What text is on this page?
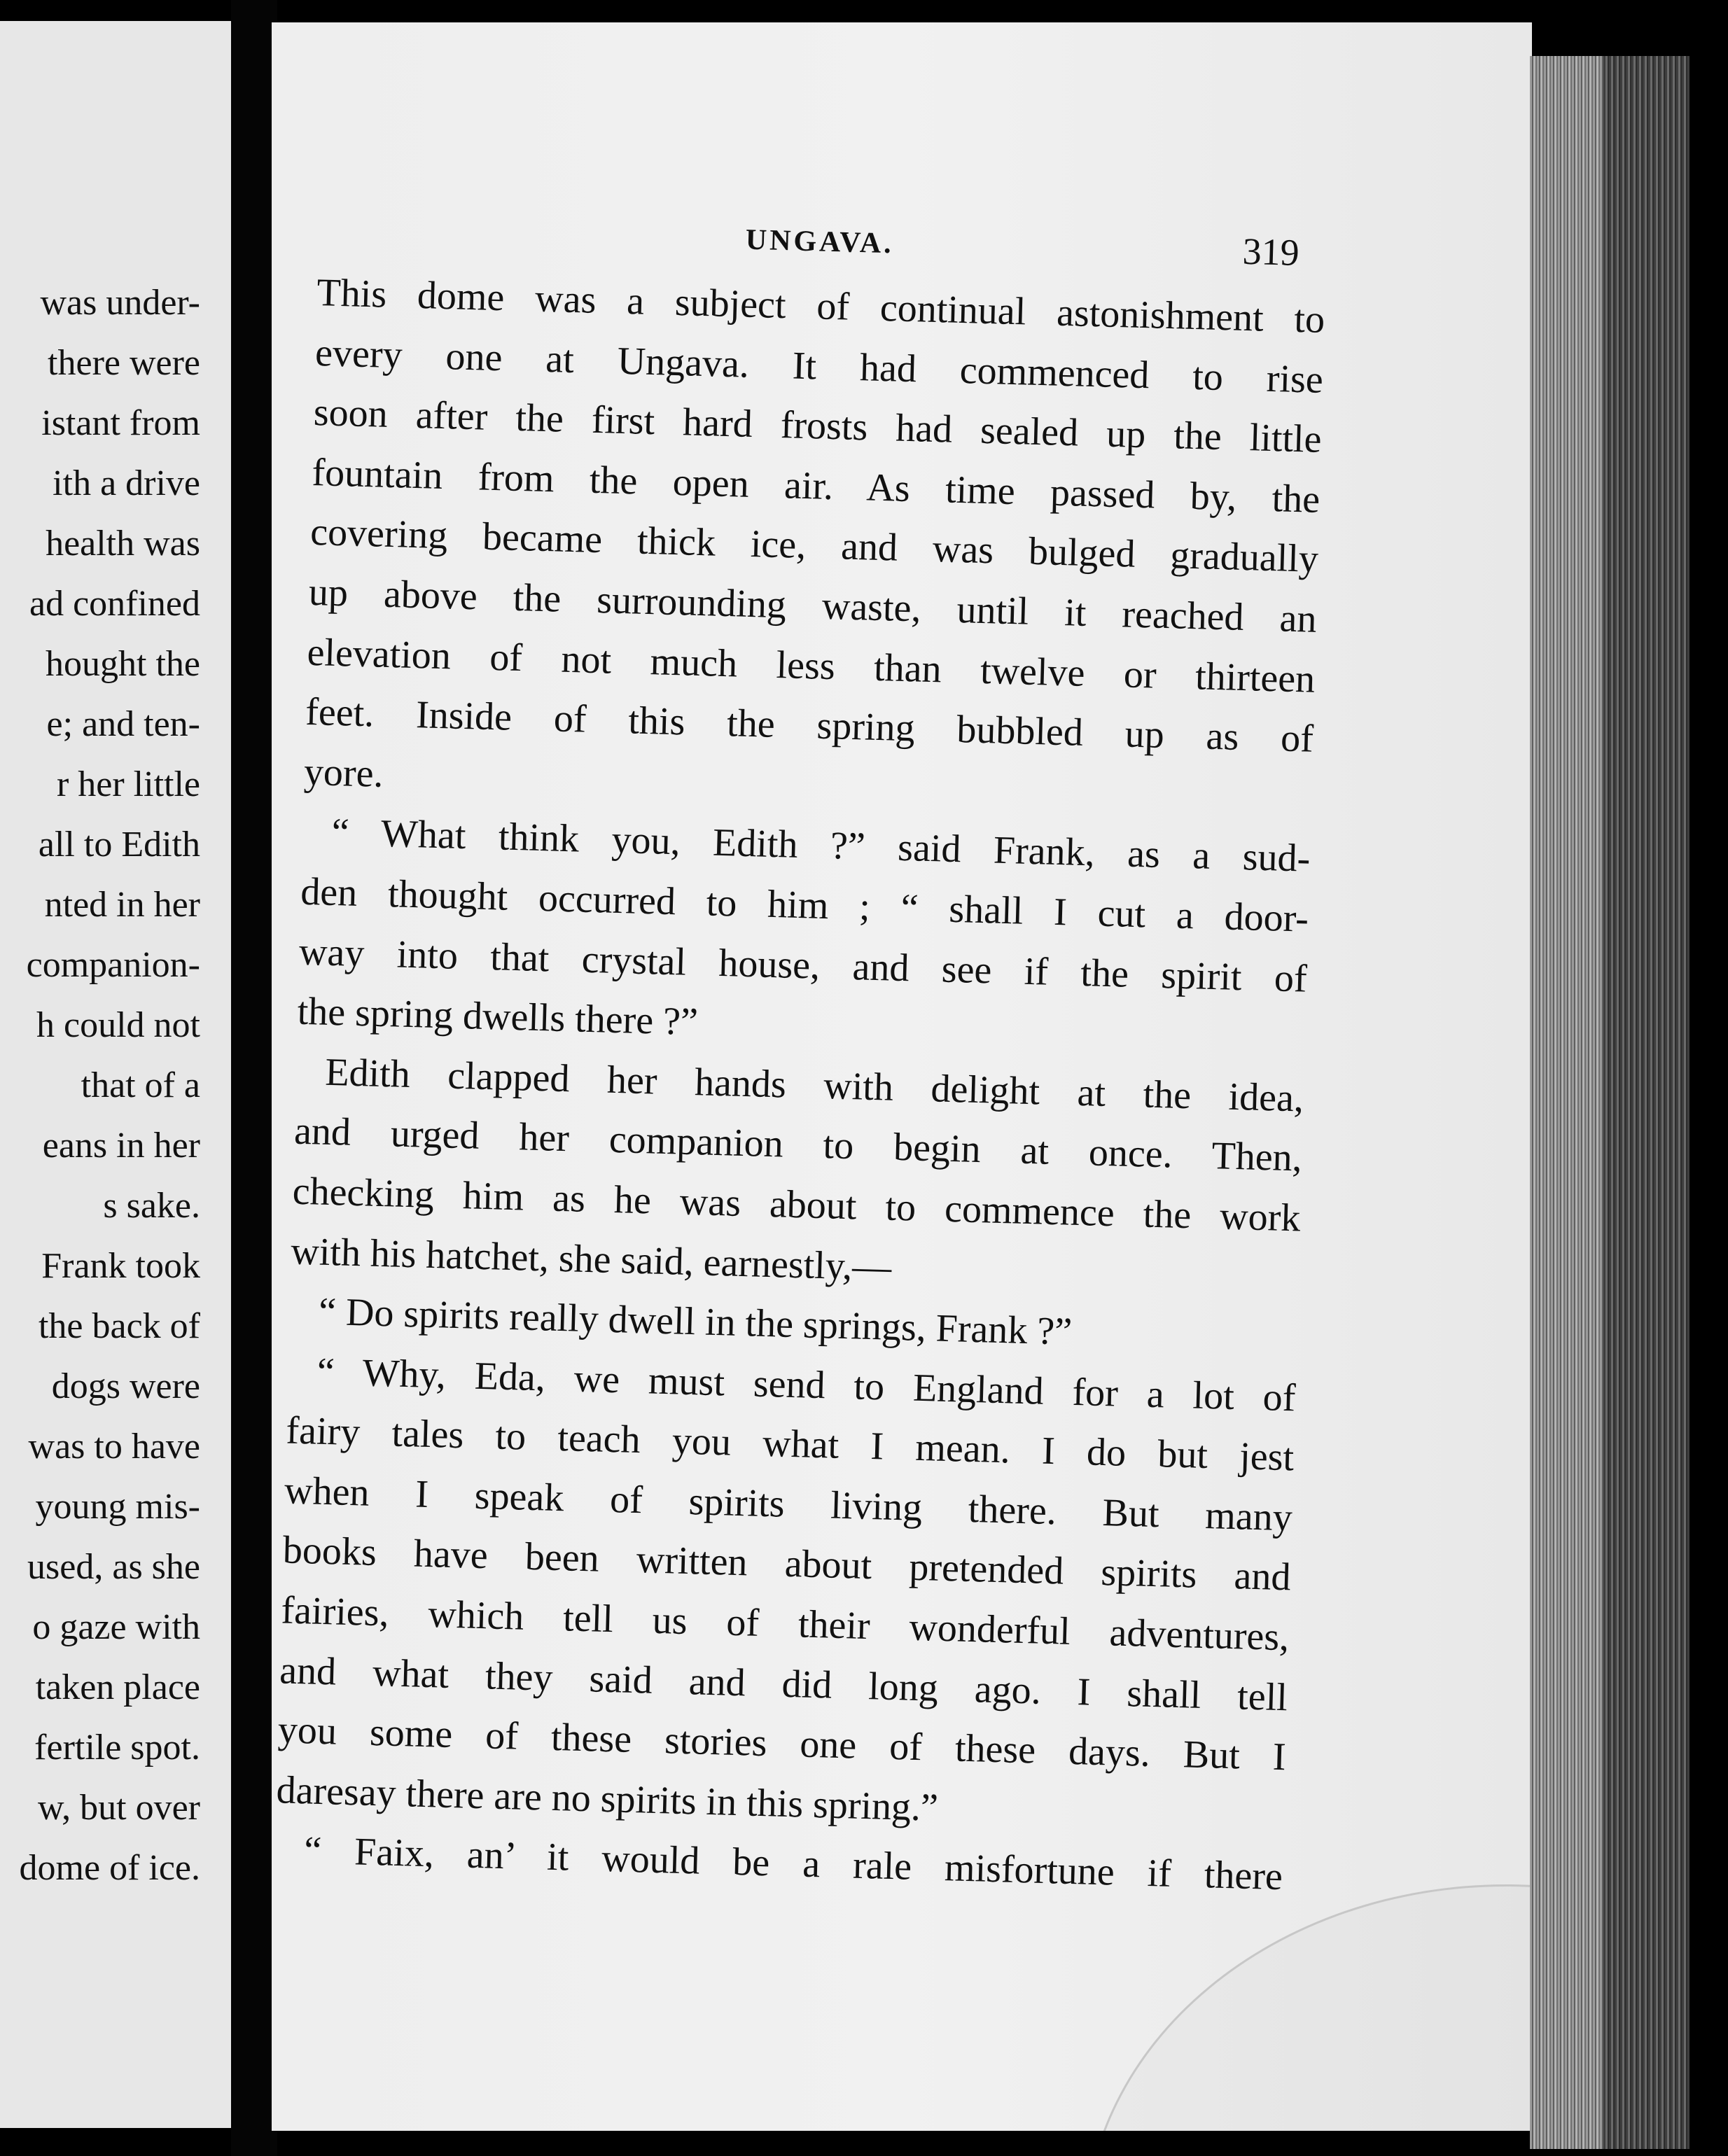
was under-
there were
istant from
ith a drive
health was
ad confined
hought the
e; and ten-
r her little
all to Edith
nted in her
companion-
h could not
that of a
eans in her
s sake.
Frank took
the back of
dogs were
was to have
young mis-
used, as she
o gaze with
taken place
fertile spot.
w, but over
dome of ice.
UNGAVA.	319
This dome was a subject of continual astonishment to
every one at Ungava. It had commenced to rise
soon after the first hard frosts had sealed up the little
fountain from the open air. As time passed by, the
covering became thick ice, and was bulged gradually
up above the surrounding waste, until it reached an
elevation of not much less than twelve or thirteen
feet. Inside of this the spring bubbled up as of
yore.
“ What think you, Edith ?” said Frank, as a sud-
den thought occurred to him ; “ shall I cut a door-
way into that crystal house, and see if the spirit of
the spring dwells there ?”
Edith clapped her hands with delight at the idea,
and urged her companion to begin at once. Then,
checking him as he was about to commence the work
with his hatchet, she said, earnestly,—
“ Do spirits really dwell in the springs, Frank ?”
“ Why, Eda, we must send to England for a lot of
fairy tales to teach you what I mean. I do but jest
when I speak of spirits living there. But many
books have been written about pretended spirits and
fairies, which tell us of their wonderful adventures,
and what they said and did long ago. I shall tell
you some of these stories one of these days. But I
daresay there are no spirits in this spring.”
“ Faix, an’ it would be a rale misfortune if there
